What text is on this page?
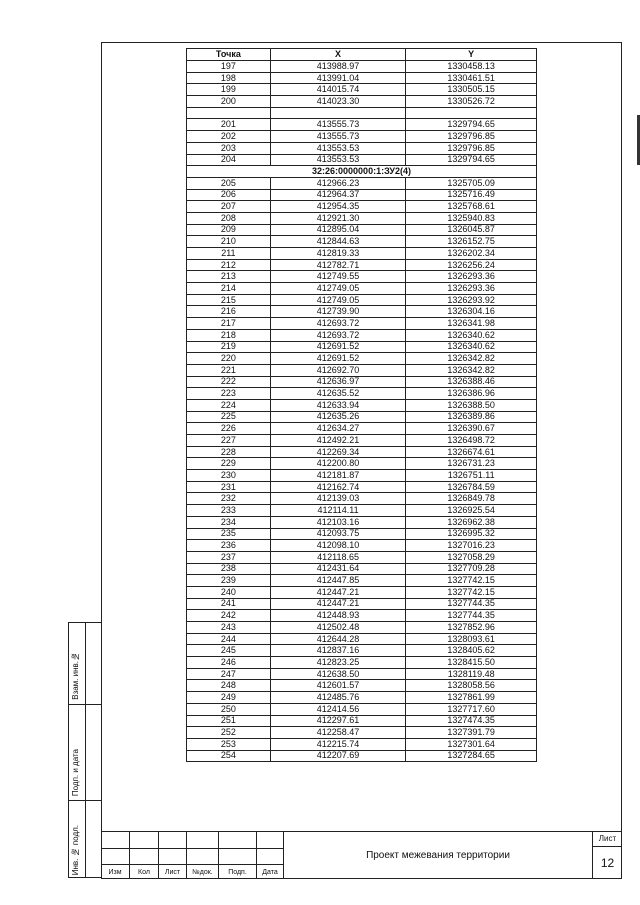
Взам. инв.№
Подп. и дата
Инв. № подл.
Точка	X	Y
197	413988.97	1330458.13
198	413991.04	1330461.51
199	414015.74	1330505.15
200	414023.30	1330526.72

201	413555.73	1329794.65
202	413555.73	1329796.85
203	413553.53	1329796.85
204	413553.53	1329794.65
32:26:0000000:1:ЗУ2(4)		
205	412966.23	1325705.09
206	412964.37	1325716.49
207	412954.35	1325768.61
208	412921.30	1325940.83
209	412895.04	1326045.87
210	412844.63	1326152.75
211	412819.33	1326202.34
212	412782.71	1326256.24
213	412749.55	1326293.36
214	412749.05	1326293.36
215	412749.05	1326293.92
216	412739.90	1326304.16
217	412693.72	1326341.98
218	412693.72	1326340.62
219	412691.52	1326340.62
220	412691.52	1326342.82
221	412692.70	1326342.82
222	412636.97	1326388.46
223	412635.52	1326386.96
224	412633.94	1326388.50
225	412635.26	1326389.86
226	412634.27	1326390.67
227	412492.21	1326498.72
228	412269.34	1326674.61
229	412200.80	1326731.23
230	412181.87	1326751.11
231	412162.74	1326784.59
232	412139.03	1326849.78
233	412114.11	1326925.54
234	412103.16	1326962.38
235	412093.75	1326995.32
236	412098.10	1327016.23
237	412118.65	1327058.29
238	412431.64	1327709.28
239	412447.85	1327742.15
240	412447.21	1327742.15
241	412447.21	1327744.35
242	412448.93	1327744.35
243	412502.48	1327852.96
244	412644.28	1328093.61
245	412837.16	1328405.62
246	412823.25	1328415.50
247	412638.50	1328119.48
248	412601.57	1328058.56
249	412485.76	1327861.99
250	412414.56	1327717.60
251	412297.61	1327474.35
252	412258.47	1327391.79
253	412215.74	1327301.64
254	412207.69	1327284.65
Изм	Кол	Лист	№док.	Подп.	Дата
Проект межевания территории
Лист
12
